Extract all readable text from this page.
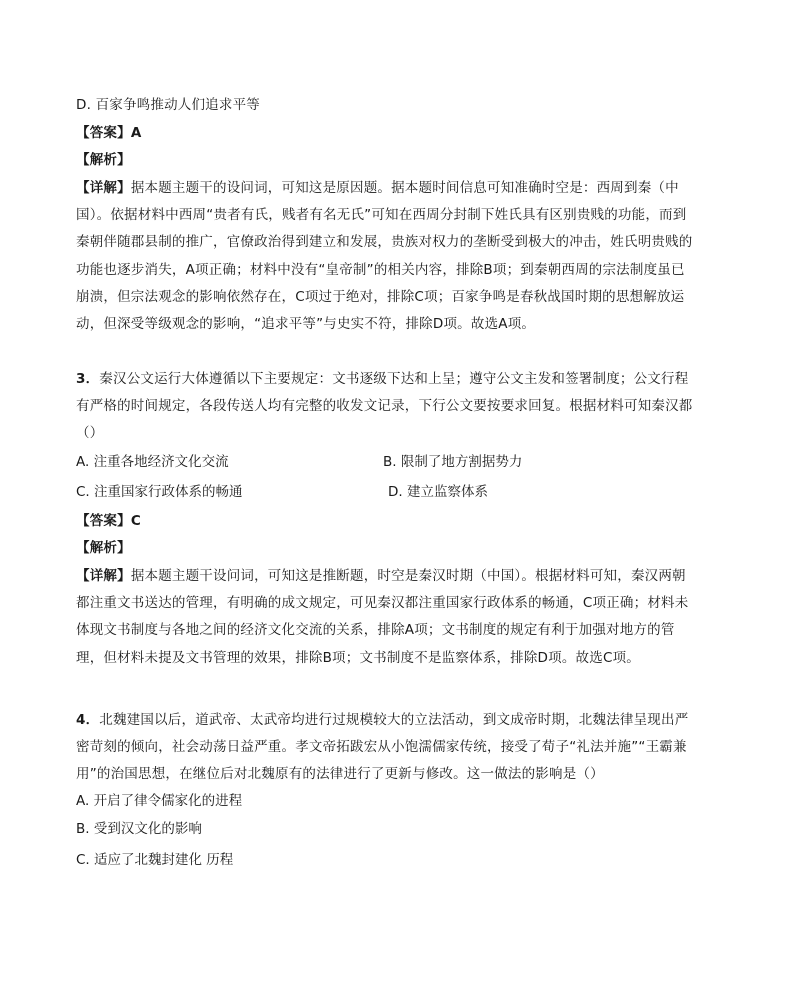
D. 百家争鸣推动人们追求平等
【答案】A
【解析】
【详解】据本题主题干的设问词，可知这是原因题。据本题时间信息可知准确时空是：西周到秦（中国）。依据材料中西周“贵者有氏，贱者有名无氏”可知在西周分封制下姓氏具有区别贵贱的功能，而到秦朝伴随郡县制的推广，官僚政治得到建立和发展，贵族对权力的垄断受到极大的冲击，姓氏明贵贱的功能也逐步消失，A项正确；材料中没有“皇帝制”的相关内容，排除B项；到秦朝西周的宗法制度虽已崩溃，但宗法观念的影响依然存在，C项过于绝对，排除C项；百家争鸣是春秋战国时期的思想解放运动，但深受等级观念的影响，“追求平等”与史实不符，排除D项。故选A项。
3．秦汉公文运行大体遵循以下主要规定：文书逐级下达和上呈；遵守公文主发和签署制度；公文行程有严格的时间规定，各段传送人均有完整的收发文记录，下行公文要按要求回复。根据材料可知秦汉都（）
A. 注重各地经济文化交流	B. 限制了地方割据势力
C. 注重国家行政体系的畅通	D. 建立监察体系
【答案】C
【解析】
【详解】据本题主题干设问词，可知这是推断题，时空是秦汉时期（中国）。根据材料可知，秦汉两朝都注重文书送达的管理，有明确的成文规定，可见秦汉都注重国家行政体系的畅通，C项正确；材料未体现文书制度与各地之间的经济文化交流的关系，排除A项；文书制度的规定有利于加强对地方的管理，但材料未提及文书管理的效果，排除B项；文书制度不是监察体系，排除D项。故选C项。
4．北魏建国以后，道武帝、太武帝均进行过规模较大的立法活动，到文成帝时期，北魏法律呈现出严密苛刻的倾向，社会动荡日益严重。孝文帝拓跋宏从小饱濡儒家传统，接受了荀子“礼法并施”“王霸兼用”的治国思想，在继位后对北魏原有的法律进行了更新与修改。这一做法的影响是（）
A. 开启了律令儒家化的进程
B. 受到汉文化的影响
C. 适应了北魏封建化 历程
